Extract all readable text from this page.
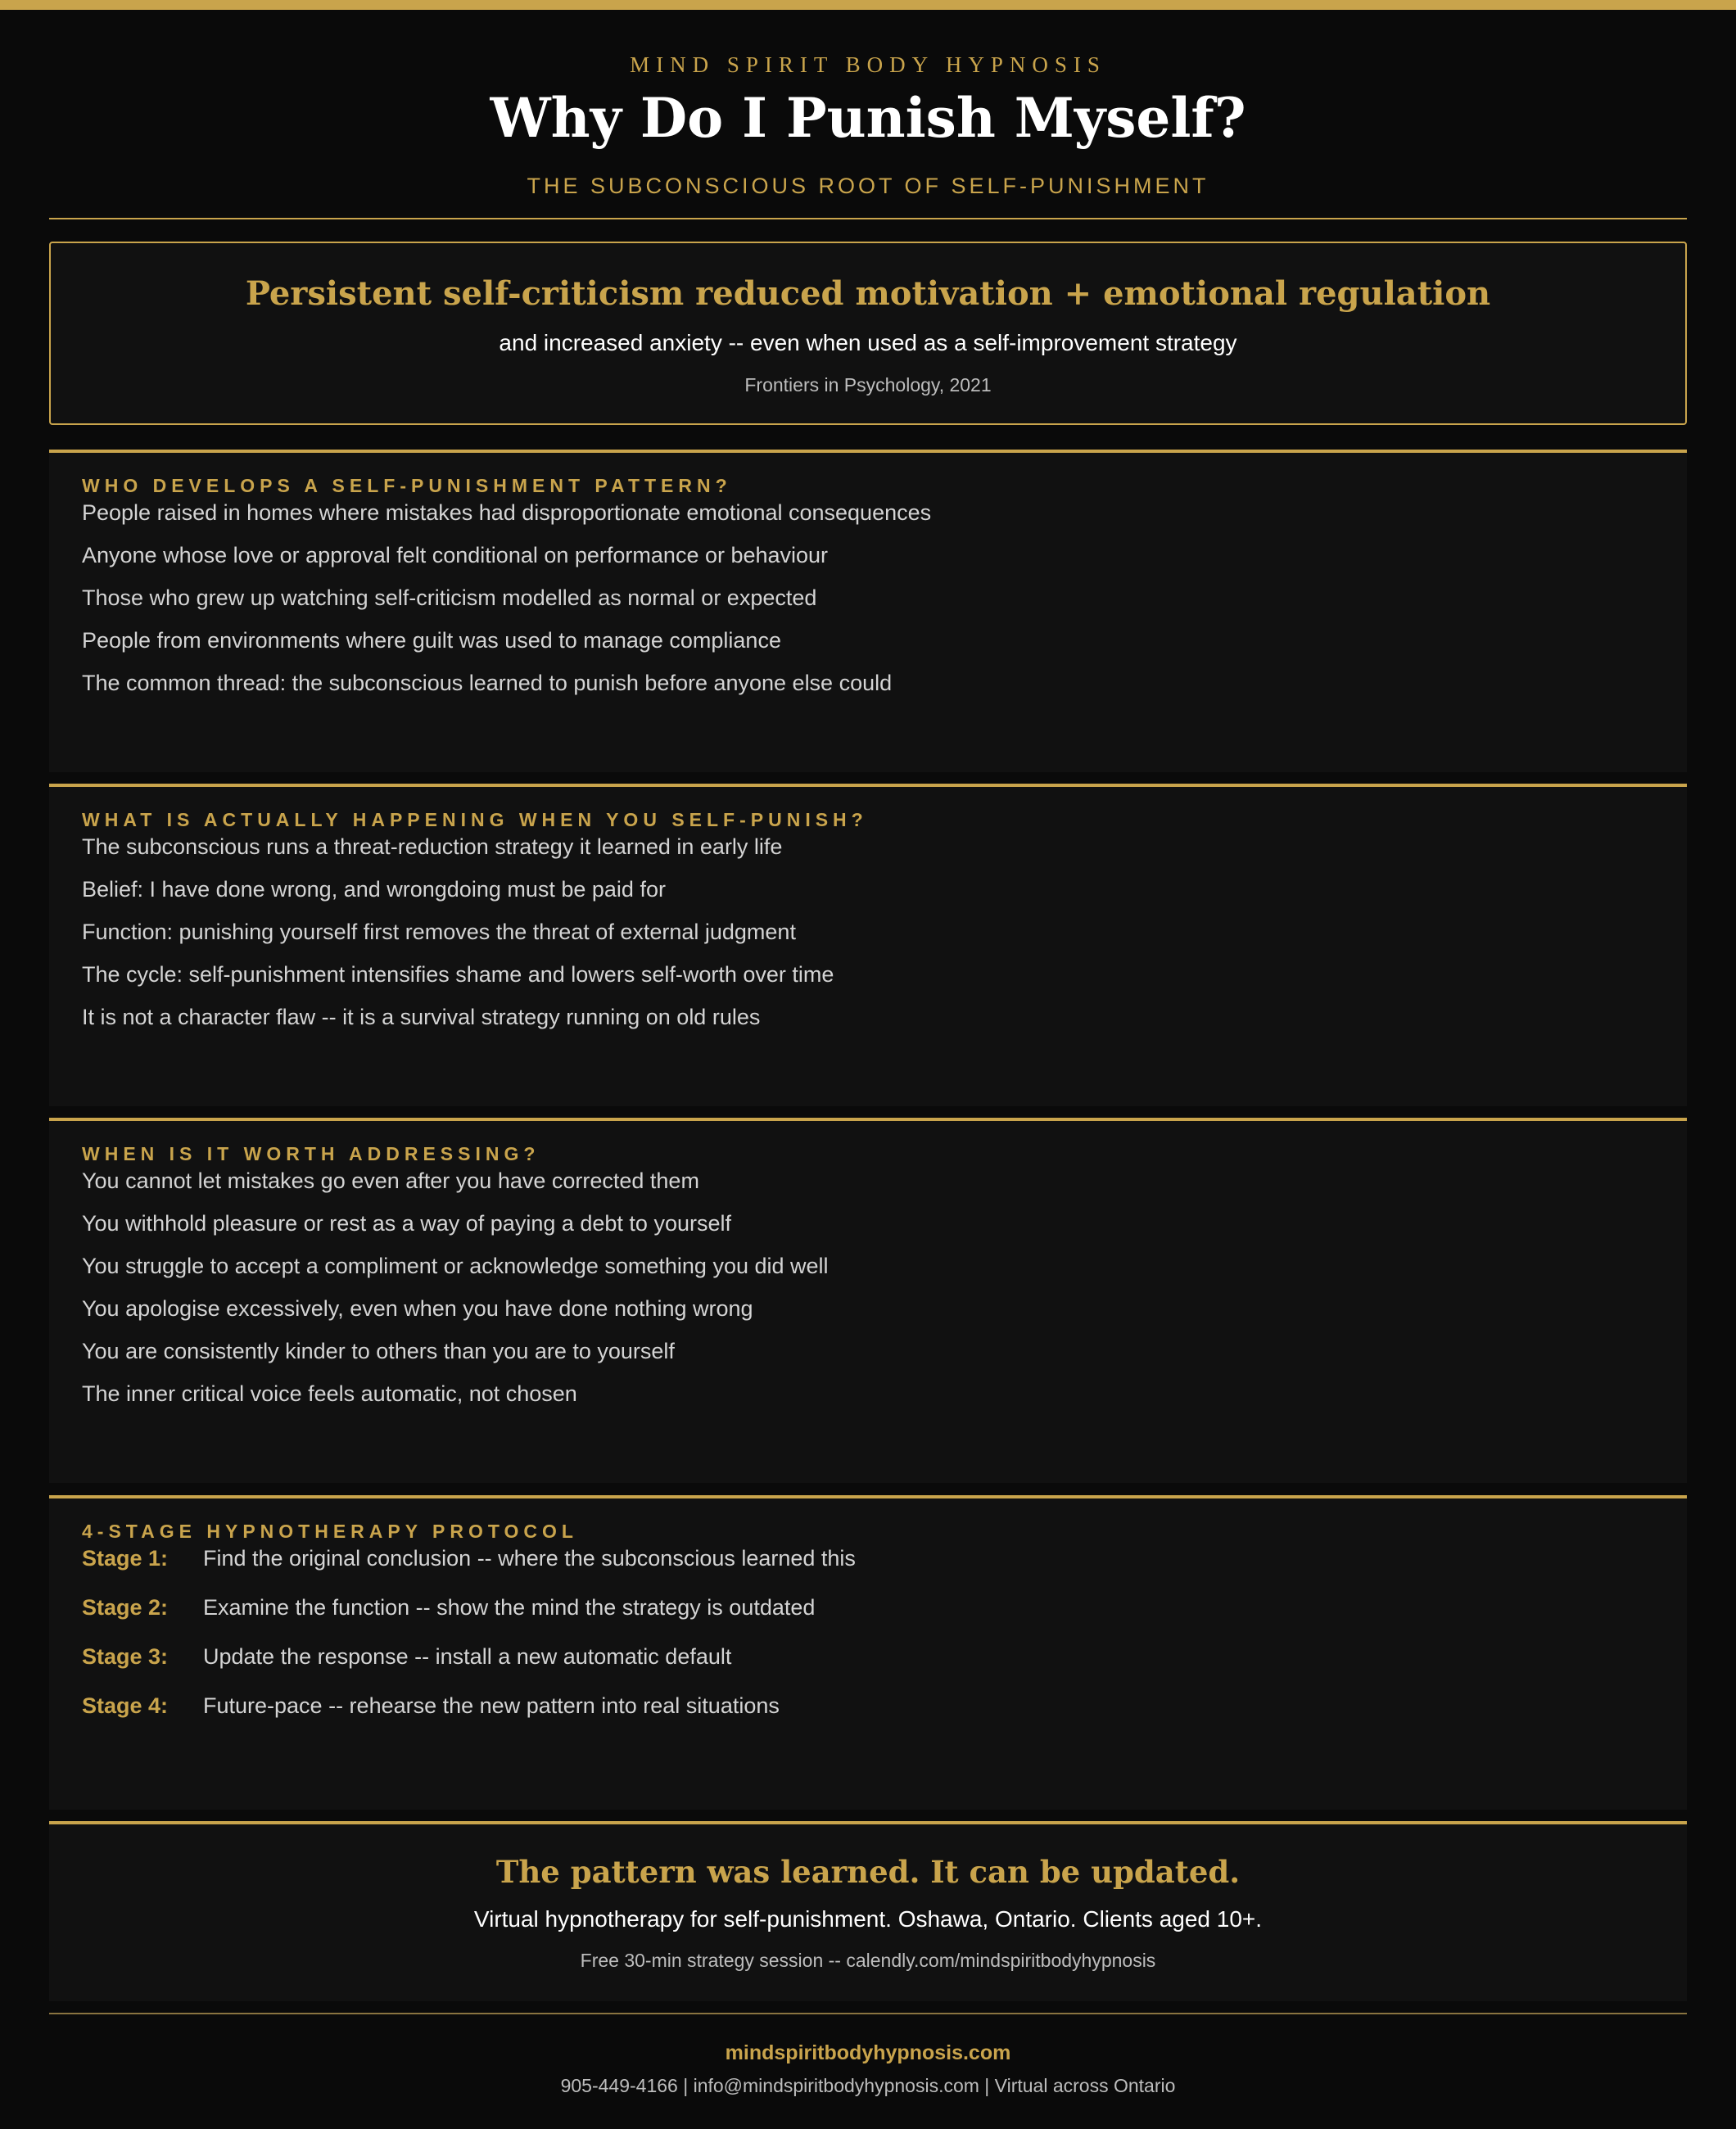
MIND SPIRIT BODY HYPNOSIS
Why Do I Punish Myself?
THE SUBCONSCIOUS ROOT OF SELF-PUNISHMENT
Persistent self-criticism reduced motivation + emotional regulation
and increased anxiety -- even when used as a self-improvement strategy
Frontiers in Psychology, 2021
WHO DEVELOPS A SELF-PUNISHMENT PATTERN?
People raised in homes where mistakes had disproportionate emotional consequences
Anyone whose love or approval felt conditional on performance or behaviour
Those who grew up watching self-criticism modelled as normal or expected
People from environments where guilt was used to manage compliance
The common thread: the subconscious learned to punish before anyone else could
WHAT IS ACTUALLY HAPPENING WHEN YOU SELF-PUNISH?
The subconscious runs a threat-reduction strategy it learned in early life
Belief: I have done wrong, and wrongdoing must be paid for
Function: punishing yourself first removes the threat of external judgment
The cycle: self-punishment intensifies shame and lowers self-worth over time
It is not a character flaw -- it is a survival strategy running on old rules
WHEN IS IT WORTH ADDRESSING?
You cannot let mistakes go even after you have corrected them
You withhold pleasure or rest as a way of paying a debt to yourself
You struggle to accept a compliment or acknowledge something you did well
You apologise excessively, even when you have done nothing wrong
You are consistently kinder to others than you are to yourself
The inner critical voice feels automatic, not chosen
4-STAGE HYPNOTHERAPY PROTOCOL
Stage 1: Find the original conclusion -- where the subconscious learned this
Stage 2: Examine the function -- show the mind the strategy is outdated
Stage 3: Update the response -- install a new automatic default
Stage 4: Future-pace -- rehearse the new pattern into real situations
The pattern was learned. It can be updated.
Virtual hypnotherapy for self-punishment. Oshawa, Ontario. Clients aged 10+.
Free 30-min strategy session -- calendly.com/mindspiritbodyhypnosis
mindspiritbodyhypnosis.com
905-449-4166 | info@mindspiritbodyhypnosis.com | Virtual across Ontario
